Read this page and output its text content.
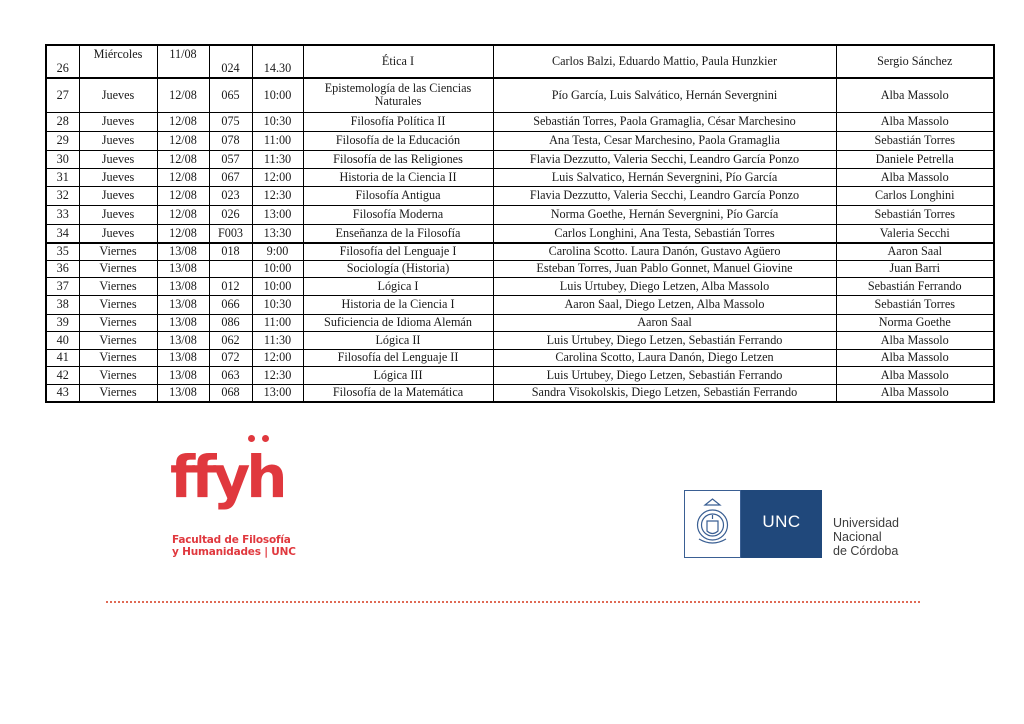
26	Miércoles	11/08	024	14.30	Ética I	Carlos Balzi, Eduardo Mattio, Paula Hunzkier	Sergio Sánchez
27	Jueves	12/08	065	10:00	Epistemología de las Ciencias Naturales	Pío García, Luis Salvático, Hernán Severgnini	Alba Massolo
28	Jueves	12/08	075	10:30	Filosofía Política II	Sebastián Torres, Paola Gramaglia, César Marchesino	Alba Massolo
29	Jueves	12/08	078	11:00	Filosofía de la Educación	Ana Testa, Cesar Marchesino, Paola Gramaglia	Sebastián Torres
30	Jueves	12/08	057	11:30	Filosofía de las Religiones	Flavia Dezzutto, Valeria Secchi, Leandro García Ponzo	Daniele Petrella
31	Jueves	12/08	067	12:00	Historia de la Ciencia II	Luis Salvatico, Hernán Severgnini, Pío García	Alba Massolo
32	Jueves	12/08	023	12:30	Filosofía Antigua	Flavia Dezzutto, Valeria Secchi, Leandro García Ponzo	Carlos Longhini
33	Jueves	12/08	026	13:00	Filosofía Moderna	Norma Goethe, Hernán Severgnini, Pío García	Sebastián Torres
34	Jueves	12/08	F003	13:30	Enseñanza de la Filosofía	Carlos Longhini, Ana Testa, Sebastián Torres	Valeria Secchi
35	Viernes	13/08	018	9:00	Filosofía del Lenguaje I	Carolina Scotto. Laura Danón, Gustavo Agüero	Aaron Saal
36	Viernes	13/08		10:00	Sociología (Historia)	Esteban Torres, Juan Pablo Gonnet, Manuel Giovine	Juan Barri
37	Viernes	13/08	012	10:00	Lógica I	Luis Urtubey, Diego Letzen, Alba Massolo	Sebastián Ferrando
38	Viernes	13/08	066	10:30	Historia de la Ciencia I	Aaron Saal, Diego Letzen, Alba Massolo	Sebastián Torres
39	Viernes	13/08	086	11:00	Suficiencia de Idioma Alemán	Aaron Saal	Norma Goethe
40	Viernes	13/08	062	11:30	Lógica II	Luis Urtubey, Diego Letzen, Sebastián Ferrando	Alba Massolo
41	Viernes	13/08	072	12:00	Filosofía del Lenguaje II	Carolina Scotto, Laura Danón, Diego Letzen	Alba Massolo
42	Viernes	13/08	063	12:30	Lógica III	Luis Urtubey, Diego Letzen, Sebastián Ferrando	Alba Massolo
43	Viernes	13/08	068	13:00	Filosofía de la Matemática	Sandra Visokolskis, Diego Letzen, Sebastián Ferrando	Alba Massolo
ffyh
Facultad de Filosofía
y Humanidades | UNC
UNC	Universidad
Nacional
de Córdoba
